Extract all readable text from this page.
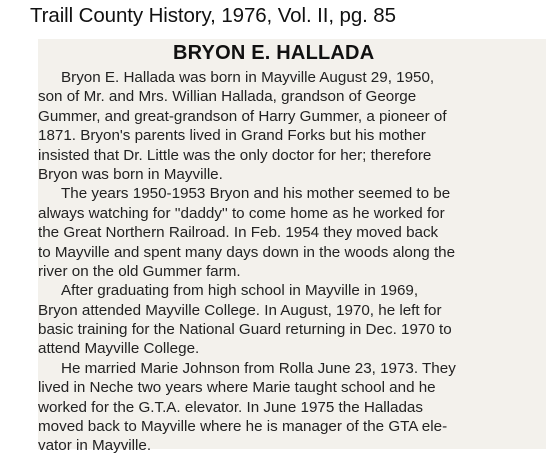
Traill County History, 1976, Vol. II, pg. 85
BRYON E. HALLADA
Bryon E. Hallada was born in Mayville August 29, 1950,
son of Mr. and Mrs. Willian Hallada, grandson of George
Gummer, and great-grandson of Harry Gummer, a pioneer of
1871. Bryon's parents lived in Grand Forks but his mother
insisted that Dr. Little was the only doctor for her; therefore
Bryon was born in Mayville.
The years 1950-1953 Bryon and his mother seemed to be
always watching for ''daddy'' to come home as he worked for
the Great Northern Railroad. In Feb. 1954 they moved back
to Mayville and spent many days down in the woods along the
river on the old Gummer farm.
After graduating from high school in Mayville in 1969,
Bryon attended Mayville College. In August, 1970, he left for
basic training for the National Guard returning in Dec. 1970 to
attend Mayville College.
He married Marie Johnson from Rolla June 23, 1973. They
lived in Neche two years where Marie taught school and he
worked for the G.T.A. elevator. In June 1975 the Halladas
moved back to Mayville where he is manager of the GTA ele-
vator in Mayville.
